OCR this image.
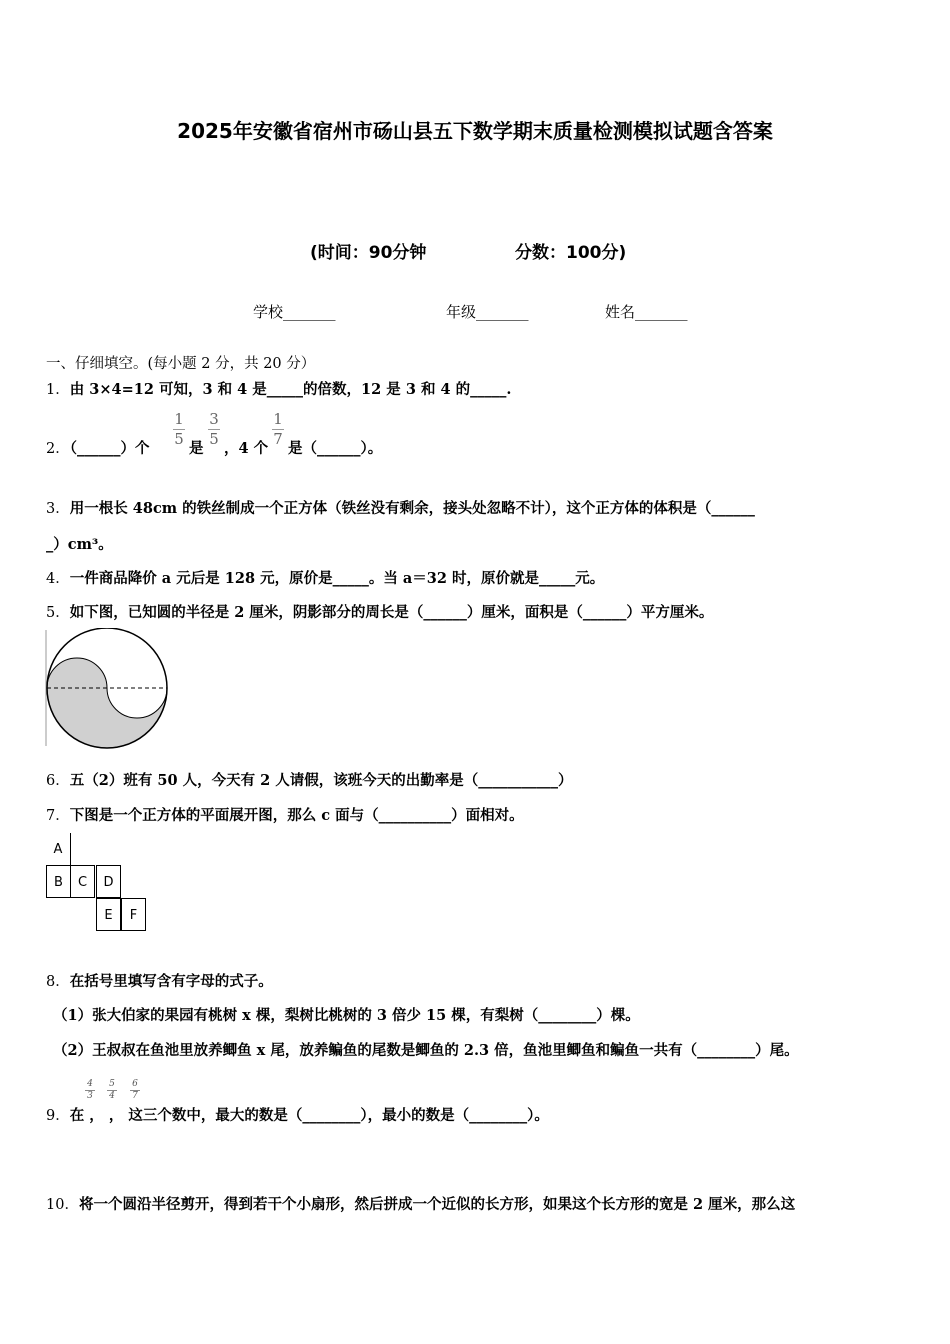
2025年安徽省宿州市砀山县五下数学期末质量检测模拟试题含答案
(时间：90分钟	分数：100分)
学校_______	年级_______	姓名_______
一、仔细填空。(每小题 2 分，共 20 分）
1．由 3×4=12 可知，3 和 4 是_____的倍数，12 是 3 和 4 的_____.
2．（______）个
1
5
是
3
5
，4 个
1
7
是（______）。
3．用一根长 48cm 的铁丝制成一个正方体（铁丝没有剩余，接头处忽略不计），这个正方体的体积是（______
_）cm³。
4．一件商品降价 a 元后是 128 元，原价是_____。当 a＝32 时，原价就是_____元。
5．如下图，已知圆的半径是 2 厘米，阴影部分的周长是（______）厘米，面积是（______）平方厘米。
6．五（2）班有 50 人，今天有 2 人请假，该班今天的出勤率是（___________）
7．下图是一个正方体的平面展开图，那么 c 面与（__________）面相对。
A
B	C	D
E	F
8．在括号里填写含有字母的式子。
（1）张大伯家的果园有桃树 x 棵，梨树比桃树的 3 倍少 15 棵，有梨树（________）棵。
（2）王叔叔在鱼池里放养鲫鱼 x 尾，放养鳊鱼的尾数是鲫鱼的 2.3 倍，鱼池里鲫鱼和鳊鱼一共有（________）尾。
4
3
5
4
6
7
9．在 ， ， 这三个数中，最大的数是（________），最小的数是（________）。
10．将一个圆沿半径剪开，得到若干个小扇形，然后拼成一个近似的长方形，如果这个长方形的宽是 2 厘米，那么这
